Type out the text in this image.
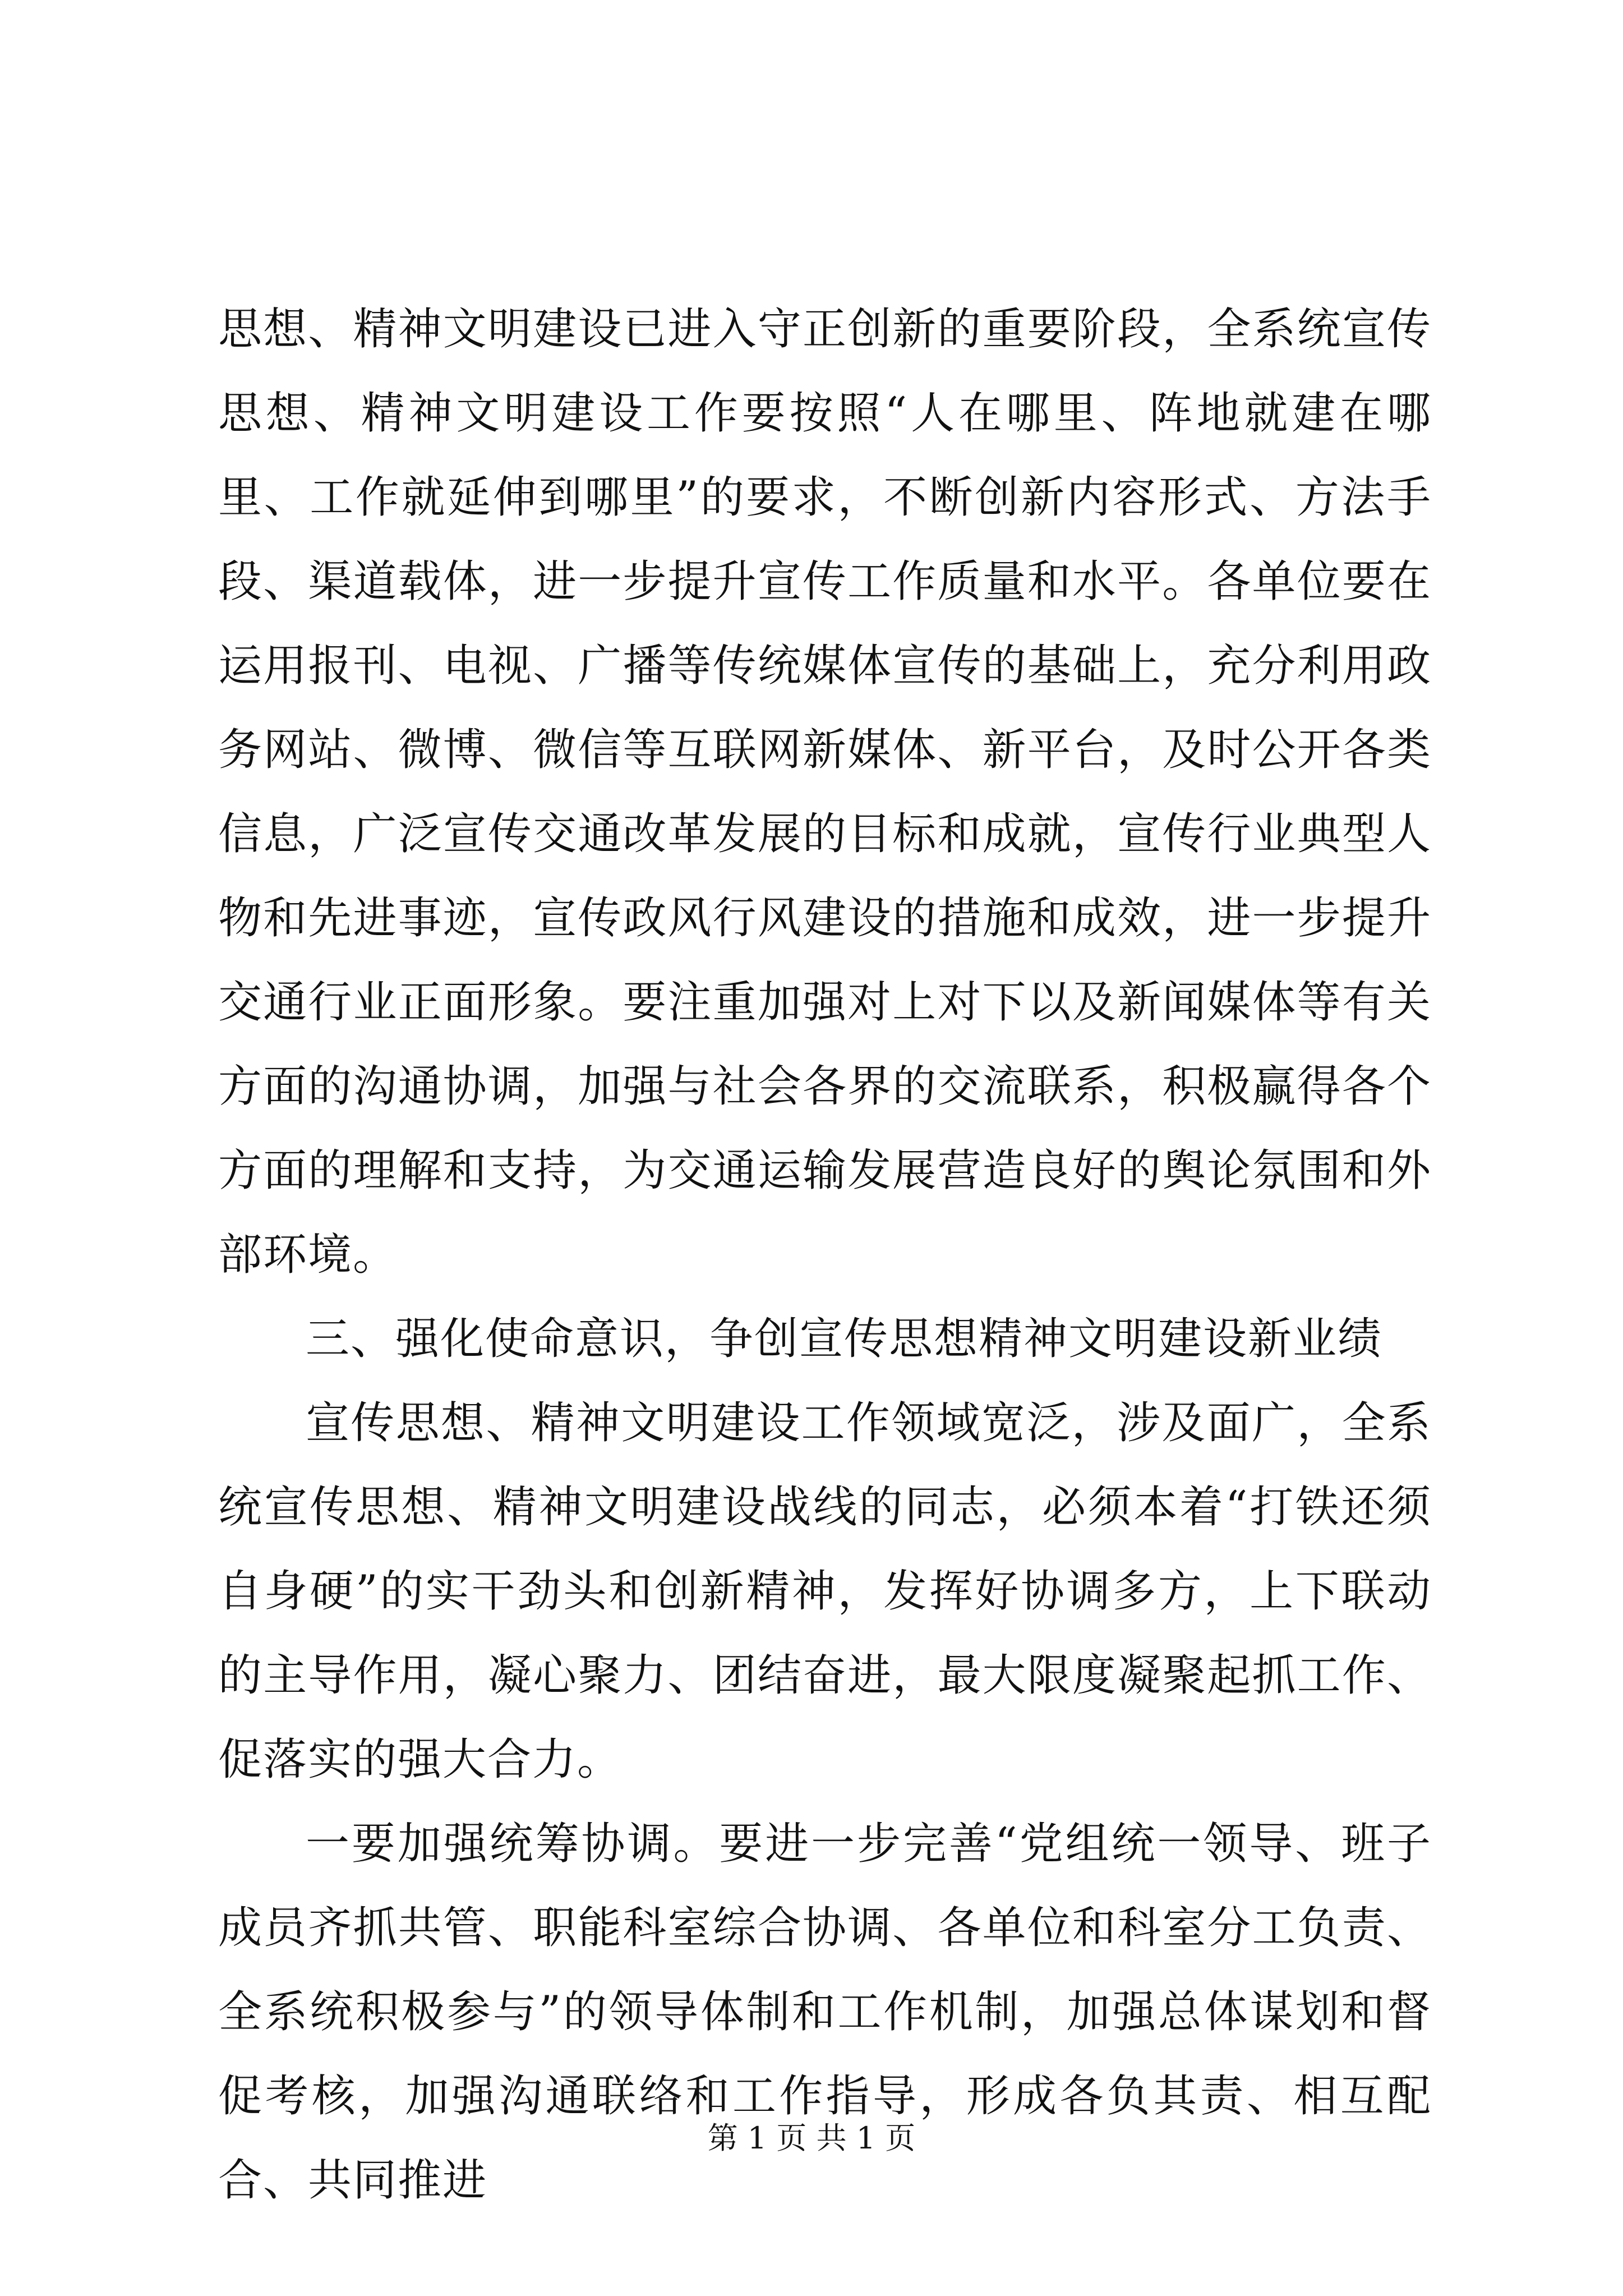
思想、精神文明建设已进入守正创新的重要阶段，全系统宣传思想、精神文明建设工作要按照“人在哪里、阵地就建在哪里、工作就延伸到哪里”的要求，不断创新内容形式、方法手段、渠道载体，进一步提升宣传工作质量和水平。各单位要在运用报刊、电视、广播等传统媒体宣传的基础上，充分利用政务网站、微博、微信等互联网新媒体、新平台，及时公开各类信息，广泛宣传交通改革发展的目标和成就，宣传行业典型人物和先进事迹，宣传政风行风建设的措施和成效，进一步提升交通行业正面形象。要注重加强对上对下以及新闻媒体等有关方面的沟通协调，加强与社会各界的交流联系，积极赢得各个方面的理解和支持，为交通运输发展营造良好的舆论氛围和外部环境。

三、强化使命意识，争创宣传思想精神文明建设新业绩

宣传思想、精神文明建设工作领域宽泛，涉及面广，全系统宣传思想、精神文明建设战线的同志，必须本着“打铁还须自身硬”的实干劲头和创新精神，发挥好协调多方，上下联动的主导作用，凝心聚力、团结奋进，最大限度凝聚起抓工作、促落实的强大合力。

一要加强统筹协调。要进一步完善“党组统一领导、班子成员齐抓共管、职能科室综合协调、各单位和科室分工负责、全系统积极参与”的领导体制和工作机制，加强总体谋划和督促考核，加强沟通联络和工作指导，形成各负其责、相互配合、共同推进

第 1 页 共 1 页
